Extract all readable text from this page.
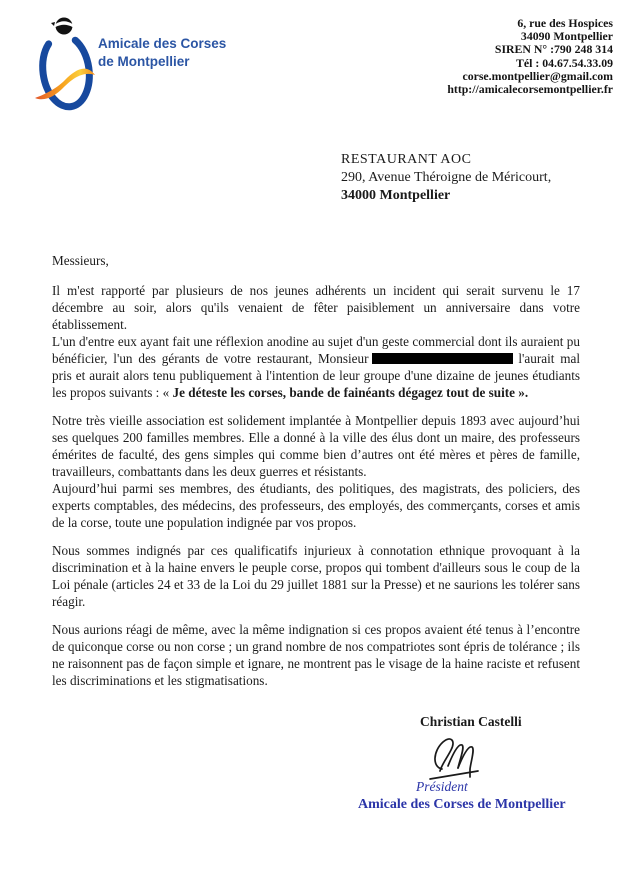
Amicale des Corses
de Montpellier
6, rue des Hospices
34090 Montpellier
SIREN N° :790 248 314
Tél : 04.67.54.33.09
corse.montpellier@gmail.com
http://amicalecorsemontpellier.fr
RESTAURANT AOC
290, Avenue Théroigne de Méricourt,
34000 Montpellier

Messieurs,

Il m'est rapporté par plusieurs de nos jeunes adhérents un incident qui serait survenu le 17 décembre au soir, alors qu'ils venaient de fêter paisiblement un anniversaire dans votre établissement.

L'un d'entre eux ayant fait une réflexion anodine au sujet d'un geste commercial dont ils auraient pu bénéficier, l'un des gérants de votre restaurant, Monsieur	l'aurait mal pris et aurait alors tenu publiquement à l'intention de leur groupe d'une dizaine de jeunes étudiants les propos suivants : « Je déteste les corses, bande de fainéants dégagez tout de suite ».

Notre très vieille association est solidement implantée à Montpellier depuis 1893 avec aujourd’hui ses quelques 200 familles membres. Elle a donné à la ville des élus dont un maire, des professeurs émérites de faculté, des gens simples qui comme bien d’autres ont été mères et pères de famille, travailleurs, combattants dans les deux guerres et résistants.

Aujourd’hui parmi ses membres, des étudiants, des politiques, des magistrats, des policiers, des experts comptables, des médecins, des professeurs, des employés, des commerçants, corses et amis de la corse, toute une population indignée par vos propos.

Nous sommes indignés par ces qualificatifs injurieux à connotation ethnique provoquant à la discrimination et à la haine envers le peuple corse, propos qui tombent d'ailleurs sous le coup de la Loi pénale (articles 24 et 33 de la Loi du 29 juillet 1881 sur la Presse) et ne saurions les tolérer sans réagir.

Nous aurions réagi de même, avec la même indignation si ces propos avaient été tenus à l’encontre de quiconque corse ou non corse ; un grand nombre de nos compatriotes sont épris de tolérance ; ils ne raisonnent pas de façon simple et ignare, ne montrent pas le visage de la haine raciste et refusent les discriminations et les stigmatisations.

Christian Castelli
Président
Amicale des Corses de Montpellier
